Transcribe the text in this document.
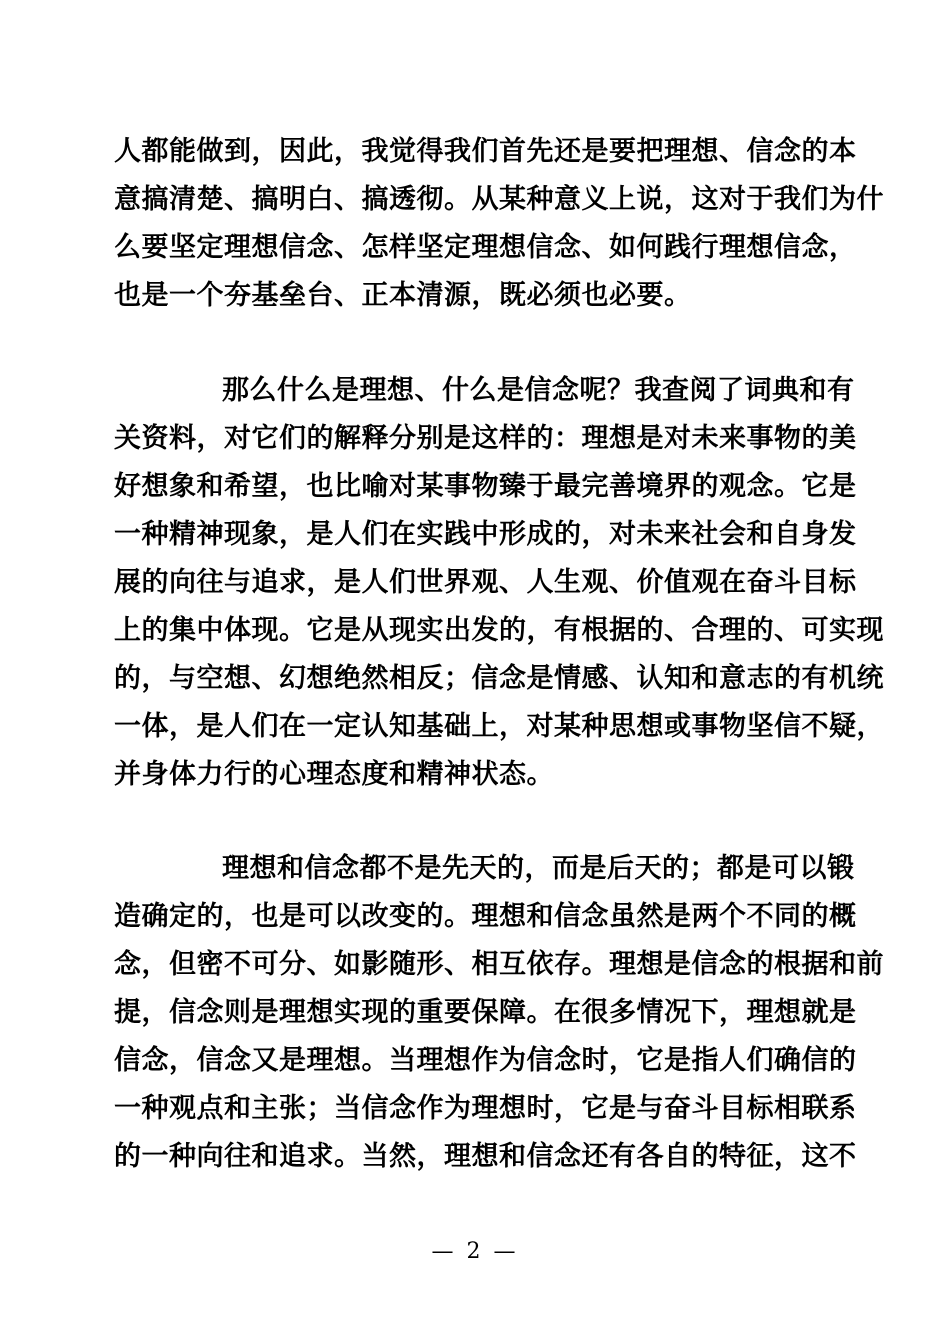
人都能做到，因此，我觉得我们首先还是要把理想、信念的本
意搞清楚、搞明白、搞透彻。从某种意义上说，这对于我们为什
么要坚定理想信念、怎样坚定理想信念、如何践行理想信念，
也是一个夯基垒台、正本清源，既必须也必要。
那么什么是理想、什么是信念呢？我查阅了词典和有
关资料，对它们的解释分别是这样的：理想是对未来事物的美
好想象和希望，也比喻对某事物臻于最完善境界的观念。它是
一种精神现象，是人们在实践中形成的，对未来社会和自身发
展的向往与追求，是人们世界观、人生观、价值观在奋斗目标
上的集中体现。它是从现实出发的，有根据的、合理的、可实现
的，与空想、幻想绝然相反；信念是情感、认知和意志的有机统
一体，是人们在一定认知基础上，对某种思想或事物坚信不疑，
并身体力行的心理态度和精神状态。
理想和信念都不是先天的，而是后天的；都是可以锻
造确定的，也是可以改变的。理想和信念虽然是两个不同的概
念，但密不可分、如影随形、相互依存。理想是信念的根据和前
提，信念则是理想实现的重要保障。在很多情况下，理想就是
信念，信念又是理想。当理想作为信念时，它是指人们确信的
一种观点和主张；当信念作为理想时，它是与奋斗目标相联系
的一种向往和追求。当然，理想和信念还有各自的特征，这不
— 2 —
